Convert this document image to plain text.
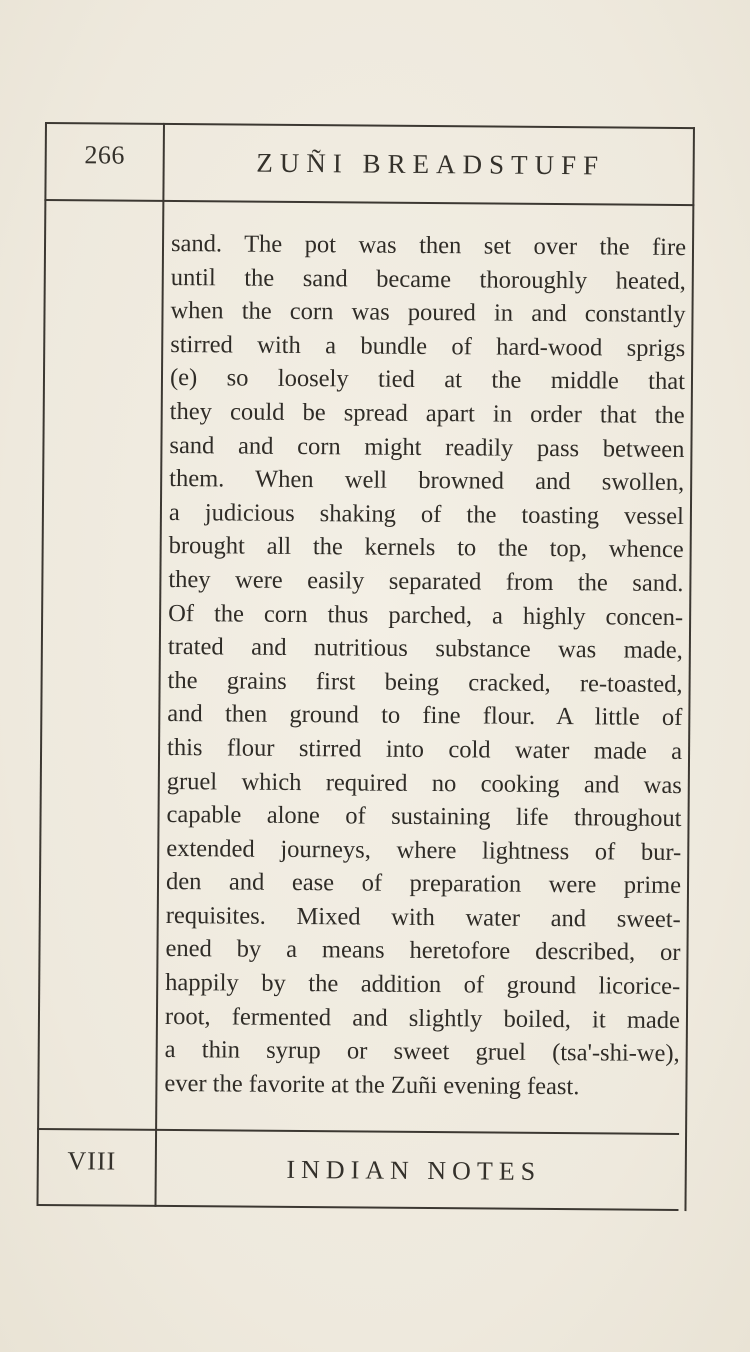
266	ZUÑI BREADSTUFF
sand. The pot was then set over the fire
until the sand became thoroughly heated,
when the corn was poured in and constantly
stirred with a bundle of hard-wood sprigs
(e) so loosely tied at the middle that
they could be spread apart in order that the
sand and corn might readily pass between
them. When well browned and swollen,
a judicious shaking of the toasting vessel
brought all the kernels to the top, whence
they were easily separated from the sand.
Of the corn thus parched, a highly concen-
trated and nutritious substance was made,
the grains first being cracked, re-toasted,
and then ground to fine flour. A little of
this flour stirred into cold water made a
gruel which required no cooking and was
capable alone of sustaining life throughout
extended journeys, where lightness of bur-
den and ease of preparation were prime
requisites. Mixed with water and sweet-
ened by a means heretofore described, or
happily by the addition of ground licorice-
root, fermented and slightly boiled, it made
a thin syrup or sweet gruel (tsa'-shi-we),
ever the favorite at the Zuñi evening feast.
VIII	INDIAN NOTES
